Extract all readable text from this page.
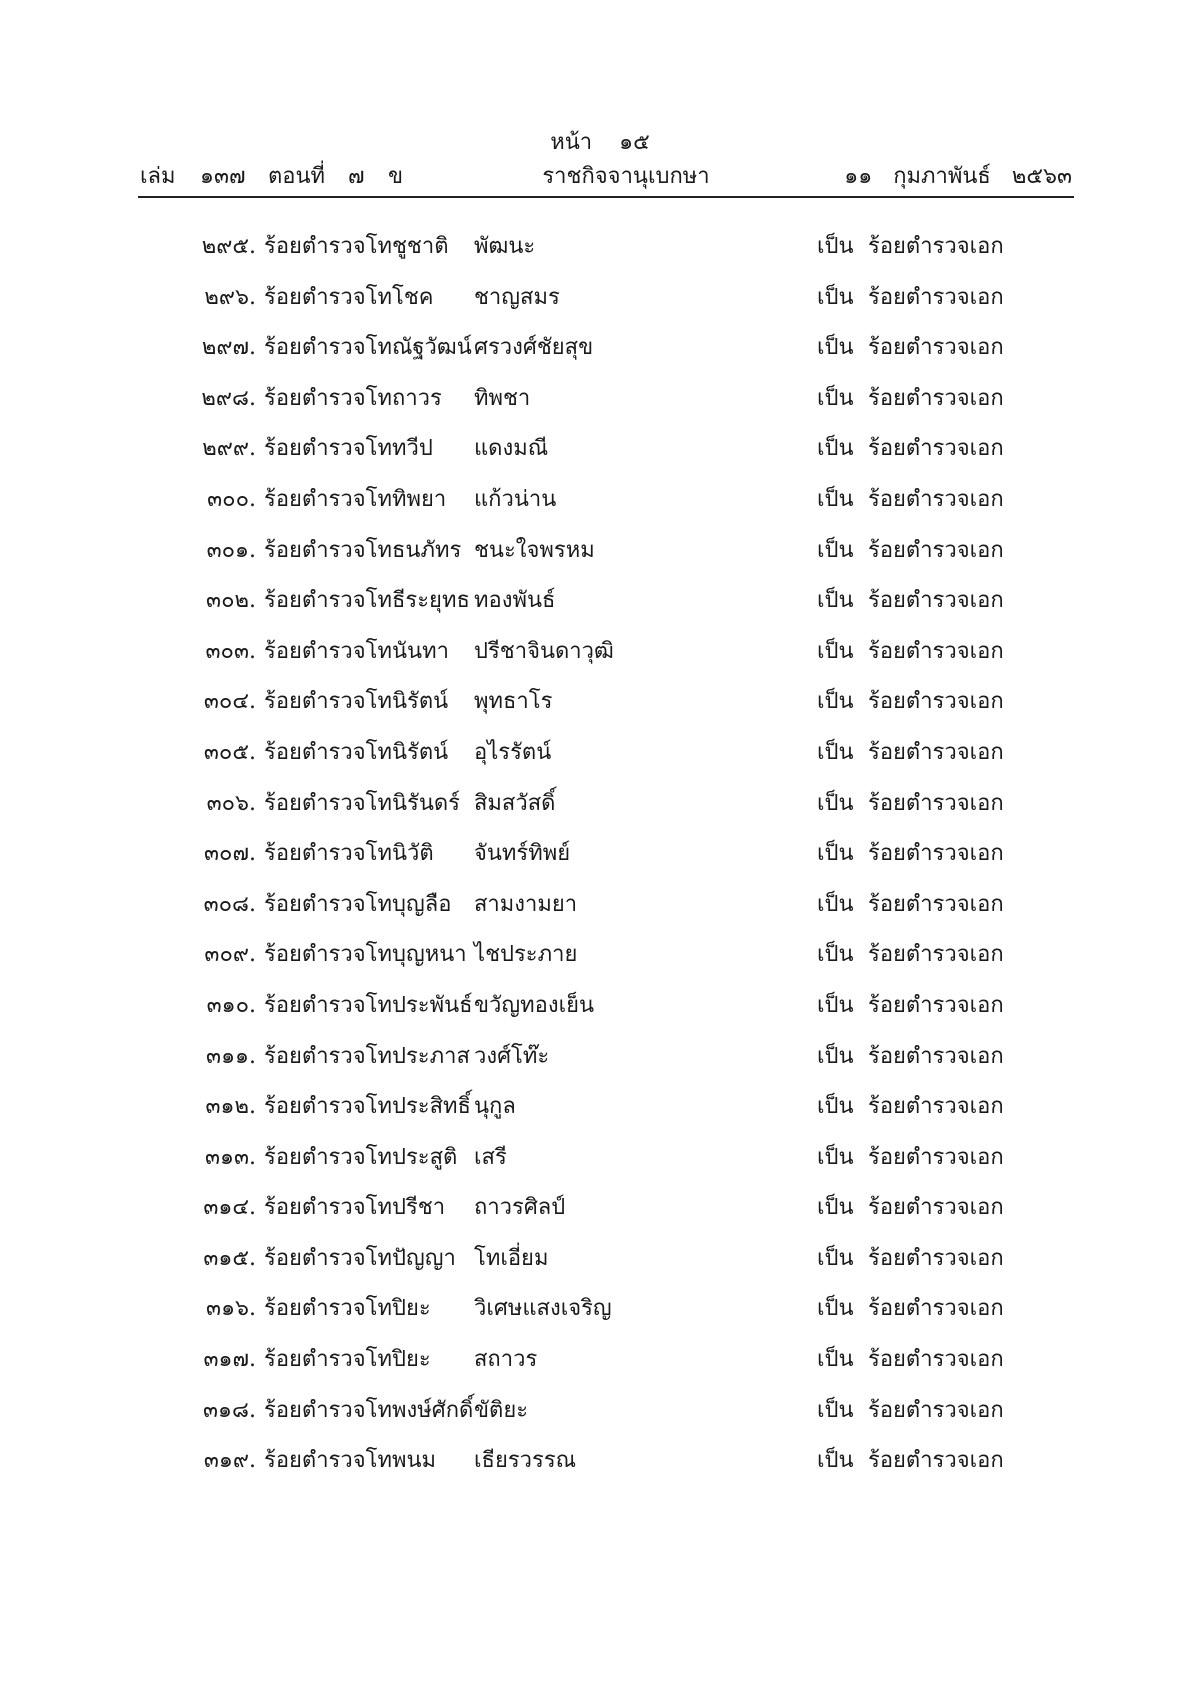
หน้า ๑๕
เล่ม ๑๓๗ ตอนที่ ๗ ข	ราชกิจจานุเบกษา	๑๑ กุมภาพันธ์ ๒๕๖๓
๒๙๕. ร้อยตำรวจโท ชูชาติ พัฒนะ	เป็น ร้อยตำรวจเอก
๒๙๖. ร้อยตำรวจโท โชค ชาญสมร	เป็น ร้อยตำรวจเอก
๒๙๗. ร้อยตำรวจโท ณัฐวัฒน์ ศรวงศ์ชัยสุข	เป็น ร้อยตำรวจเอก
๒๙๘. ร้อยตำรวจโท ถาวร ทิพชา	เป็น ร้อยตำรวจเอก
๒๙๙. ร้อยตำรวจโท ทวีป แดงมณี	เป็น ร้อยตำรวจเอก
๓๐๐. ร้อยตำรวจโท ทิพยา แก้วน่าน	เป็น ร้อยตำรวจเอก
๓๐๑. ร้อยตำรวจโท ธนภัทร ชนะใจพรหม	เป็น ร้อยตำรวจเอก
๓๐๒. ร้อยตำรวจโท ธีระยุทธ ทองพันธ์	เป็น ร้อยตำรวจเอก
๓๐๓. ร้อยตำรวจโท นันทา ปรีชาจินดาวุฒิ	เป็น ร้อยตำรวจเอก
๓๐๔. ร้อยตำรวจโท นิรัตน์ พุทธาโร	เป็น ร้อยตำรวจเอก
๓๐๕. ร้อยตำรวจโท นิรัตน์ อุไรรัตน์	เป็น ร้อยตำรวจเอก
๓๐๖. ร้อยตำรวจโท นิรันดร์ สิมสวัสดิ์	เป็น ร้อยตำรวจเอก
๓๐๗. ร้อยตำรวจโท นิวัติ จันทร์ทิพย์	เป็น ร้อยตำรวจเอก
๓๐๘. ร้อยตำรวจโท บุญลือ สามงามยา	เป็น ร้อยตำรวจเอก
๓๐๙. ร้อยตำรวจโท บุญหนา ไชประภาย	เป็น ร้อยตำรวจเอก
๓๑๐. ร้อยตำรวจโท ประพันธ์ ขวัญทองเย็น	เป็น ร้อยตำรวจเอก
๓๑๑. ร้อยตำรวจโท ประภาส วงศ์โท๊ะ	เป็น ร้อยตำรวจเอก
๓๑๒. ร้อยตำรวจโท ประสิทธิ์ นุกูล	เป็น ร้อยตำรวจเอก
๓๑๓. ร้อยตำรวจโท ประสูติ เสรี	เป็น ร้อยตำรวจเอก
๓๑๔. ร้อยตำรวจโท ปรีชา ถาวรศิลป์	เป็น ร้อยตำรวจเอก
๓๑๕. ร้อยตำรวจโท ปัญญา โทเอี่ยม	เป็น ร้อยตำรวจเอก
๓๑๖. ร้อยตำรวจโท ปิยะ วิเศษแสงเจริญ	เป็น ร้อยตำรวจเอก
๓๑๗. ร้อยตำรวจโท ปิยะ สถาวร	เป็น ร้อยตำรวจเอก
๓๑๘. ร้อยตำรวจโท พงษ์ศักดิ์ ขัติยะ	เป็น ร้อยตำรวจเอก
๓๑๙. ร้อยตำรวจโท พนม เธียรวรรณ	เป็น ร้อยตำรวจเอก
